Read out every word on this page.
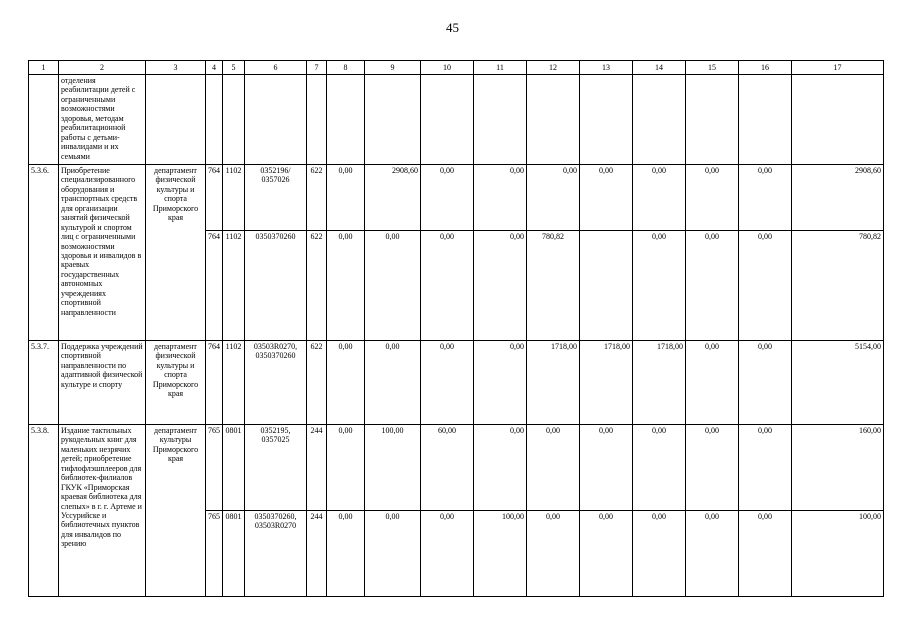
45
1	2	3	4	5	6	7	8	9	10	11	12	13	14	15	16	17
	отделения реабилитации детей с ограниченными возможностями здоровья, методам реабилитационной работы с детьми-инвалидами и их семьями															
5.3.6.	Приобретение специализированного оборудования и транспортных средств для организации занятий физической культурой и спортом лиц с ограниченными возможностями здоровья и инвалидов в краевых государственных автономных учреждениях спортивной направленности	департамент физической культуры и спорта Приморского края	764	1102	0352196/ 0357026	622	0,00	2908,60	0,00	0,00	0,00	0,00	0,00	0,00	0,00	2908,60
			764	1102	0350370260	622	0,00	0,00	0,00	0,00	780,82		0,00	0,00	0,00	780,82
5.3.7.	Поддержка учреждений спортивной направленности по адаптивной физической культуре и спорту	департамент физической культуры и спорта Приморского края	764	1102	03503R0270, 0350370260	622	0,00	0,00	0,00	0,00	1718,00	1718,00	1718,00	0,00	0,00	5154,00
5.3.8.	Издание тактильных рукодельных книг для маленьких незрячих детей; приобретение тифлофлэшплееров для библиотек-филиалов ГКУК «Приморская краевая библиотека для слепых» в г. г. Артеме и Уссурийске и библиотечных пунктов для инвалидов по зрению	департамент культуры Приморского края	765	0801	0352195, 0357025	244	0,00	100,00	60,00	0,00	0,00	0,00	0,00	0,00	0,00	160,00
			765	0801	0350370260, 03503R0270	244	0,00	0,00	0,00	100,00	0,00	0,00	0,00	0,00	0,00	100,00
